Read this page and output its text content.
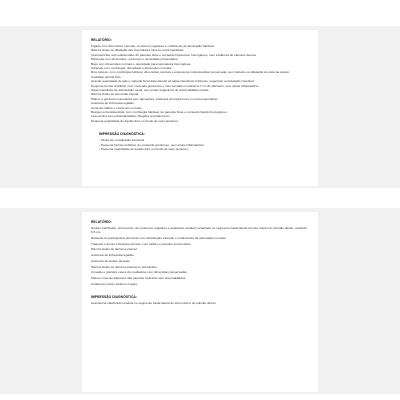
RELATÓRIO:
Fígado com dimensões normais, contornos regulares e coeficiente de atenuação habitual.
Não há sinais de dilatação das vias biliares intra ou extra-hepáticas.
Vesícula biliar normodistendida, de paredes finas e conteúdo hipoecoico homogêneo, sem evidência de cálculos densos.
Pâncreas com dimensões, contornos e densidade preservados.
Baço com dimensões normais e densidade parenquimatosa homogênea.
Adrenais com morfologia, densidade e dimensões normais.
Rins tópicos, com morfologia habitual, dimensões normais e espessura corticomedular preservada, sem cálculos ou dilatação do sistema coletor.
Cavidade pleural livre.
Grande quantidade de gás e material fecal distendendo as alças intestinais colônicas, sugerindo constipação intestinal.
Pequena hérnia umbilical, com conteúdo gorduroso e colo herniário medindo 0,7 cm de diâmetro, sem sinais inflamatórios.
Alças intestinais de distribuição usual, sem sinais sugestivos de anormalidades focais.
Não há sinais de aprovisão líquida.
Planos e gordura mesentérica sem alterações. Ausência de líquido livre ou pneumoperitônio.
Ausência de linfonodomegalias.
Aorta de calibre e contornos normais.
Bexiga normodistendida, com morfologia habitual, de paredes finas e conteúdo líquido homogêneo.
Lisa uterina sem particularidades. Regiões anexiais livres.
Pequena quantidade de líquido livre no fundo de saco posterior.
IMPRESSÃO DIAGNÓSTICA:
- Sinais de constipação intestinal.
- Pequena hérnia umbilical, de conteúdo gorduroso, sem sinais inflamatórios.
- Pequena quantidade de líquido livre no fundo de saco posterior.
RELATÓRIO:
Nódulo calcificado, circunscrito, de contornos regulares e aparência residual, localizado no segmento basal lateral do lobo inferior do pulmão direito, medindo 0,5 cm.
Restante do parênquima pulmonar com distribuição vascular e coeficientes de atenuação normais.
Traqueia e árvore brônquica pérvias, com calibre e paredes preservados.
Não há sinais de derrame pleural.
Ausência de linfonodomegalias.
Ausência de lesões pleurais.
Não há sinais de derrame pleural ou pericárdico.
Coração e grandes vasos do mediastino com dimensões preservadas.
Planos musculo-adiposos das paredes torácicas sem anormalidades.
Arcabouço ósseo torácico íntegro.
IMPRESSÃO DIAGNÓSTICA:
Granuloma calcificado residual no segmento basal lateral do lobo inferior do pulmão direito.
